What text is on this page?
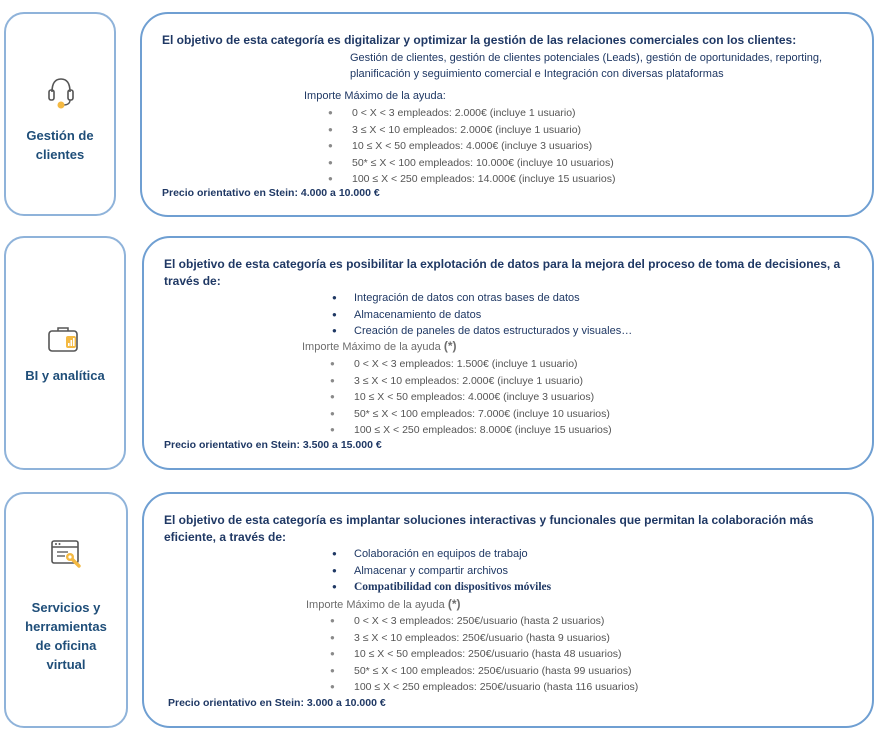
Gestión de clientes
El objetivo de esta categoría es digitalizar y optimizar la gestión de las relaciones comerciales con los clientes:
Gestión de clientes, gestión de clientes potenciales (Leads), gestión de oportunidades, reporting, planificación y seguimiento comercial e Integración con diversas plataformas
Importe Máximo de la ayuda:
● 0 < X < 3 empleados: 2.000€ (incluye 1 usuario)
● 3 ≤ X < 10 empleados: 2.000€ (incluye 1 usuario)
● 10 ≤ X < 50 empleados: 4.000€ (incluye 3 usuarios)
● 50* ≤ X < 100 empleados: 10.000€ (incluye 10 usuarios)
● 100 ≤ X < 250 empleados: 14.000€ (incluye 15 usuarios)
Precio orientativo en Stein: 4.000 a 10.000 €
BI y analítica
El objetivo de esta categoría es posibilitar la explotación de datos para la mejora del proceso de toma de decisiones, a través de:
● Integración de datos con otras bases de datos
● Almacenamiento de datos
● Creación de paneles de datos estructurados y visuales…
Importe Máximo de la ayuda (*)
● 0 < X < 3 empleados: 1.500€ (incluye 1 usuario)
● 3 ≤ X < 10 empleados: 2.000€ (incluye 1 usuario)
● 10 ≤ X < 50 empleados: 4.000€ (incluye 3 usuarios)
● 50* ≤ X < 100 empleados: 7.000€ (incluye 10 usuarios)
● 100 ≤ X < 250 empleados: 8.000€ (incluye 15 usuarios)
Precio orientativo en Stein: 3.500 a 15.000 €
Servicios y herramientas de oficina virtual
El objetivo de esta categoría es implantar soluciones interactivas y funcionales que permitan la colaboración más eficiente, a través de:
● Colaboración en equipos de trabajo
● Almacenar y compartir archivos
● Compatibilidad con dispositivos móviles
Importe Máximo de la ayuda (*)
● 0 < X < 3 empleados: 250€/usuario (hasta 2 usuarios)
● 3 ≤ X < 10 empleados: 250€/usuario (hasta 9 usuarios)
● 10 ≤ X < 50 empleados: 250€/usuario (hasta 48 usuarios)
● 50* ≤ X < 100 empleados: 250€/usuario (hasta 99 usuarios)
● 100 ≤ X < 250 empleados: 250€/usuario (hasta 116 usuarios)
Precio orientativo en Stein: 3.000 a 10.000 €
